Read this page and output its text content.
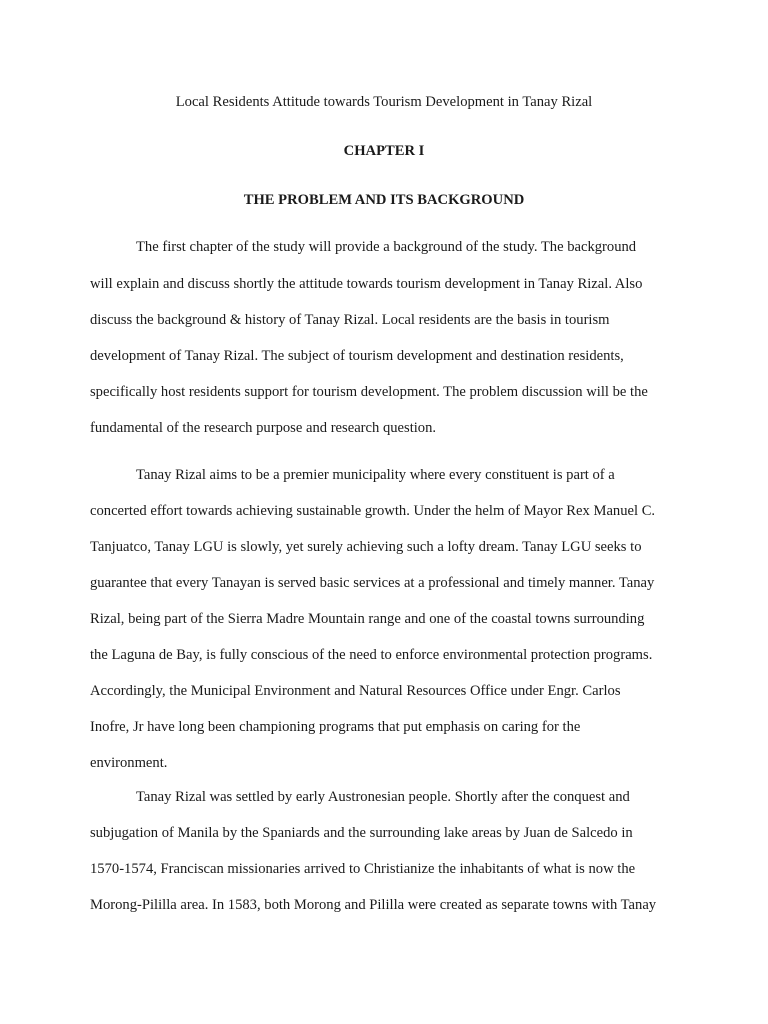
Local Residents Attitude towards Tourism Development in Tanay Rizal
CHAPTER I
THE PROBLEM AND ITS BACKGROUND
The first chapter of the study will provide a background of the study. The background
will explain and discuss shortly the attitude towards tourism development in Tanay Rizal. Also
discuss the background & history of Tanay Rizal. Local residents are the basis in tourism
development of Tanay Rizal. The subject of tourism development and destination residents,
specifically host residents support for tourism development. The problem discussion will be the
fundamental of the research purpose and research question.
Tanay Rizal aims to be a premier municipality where every constituent is part of a
concerted effort towards achieving sustainable growth. Under the helm of Mayor Rex Manuel C.
Tanjuatco, Tanay LGU is slowly, yet surely achieving such a lofty dream. Tanay LGU seeks to
guarantee that every Tanayan is served basic services at a professional and timely manner. Tanay
Rizal, being part of the Sierra Madre Mountain range and one of the coastal towns surrounding
the Laguna de Bay, is fully conscious of the need to enforce environmental protection programs.
Accordingly, the Municipal Environment and Natural Resources Office under Engr. Carlos
Inofre, Jr have long been championing programs that put emphasis on caring for the
environment.
Tanay Rizal was settled by early Austronesian people. Shortly after the conquest and
subjugation of Manila by the Spaniards and the surrounding lake areas by Juan de Salcedo in
1570-1574, Franciscan missionaries arrived to Christianize the inhabitants of what is now the
Morong-Pililla area. In 1583, both Morong and Pililla were created as separate towns with Tanay
